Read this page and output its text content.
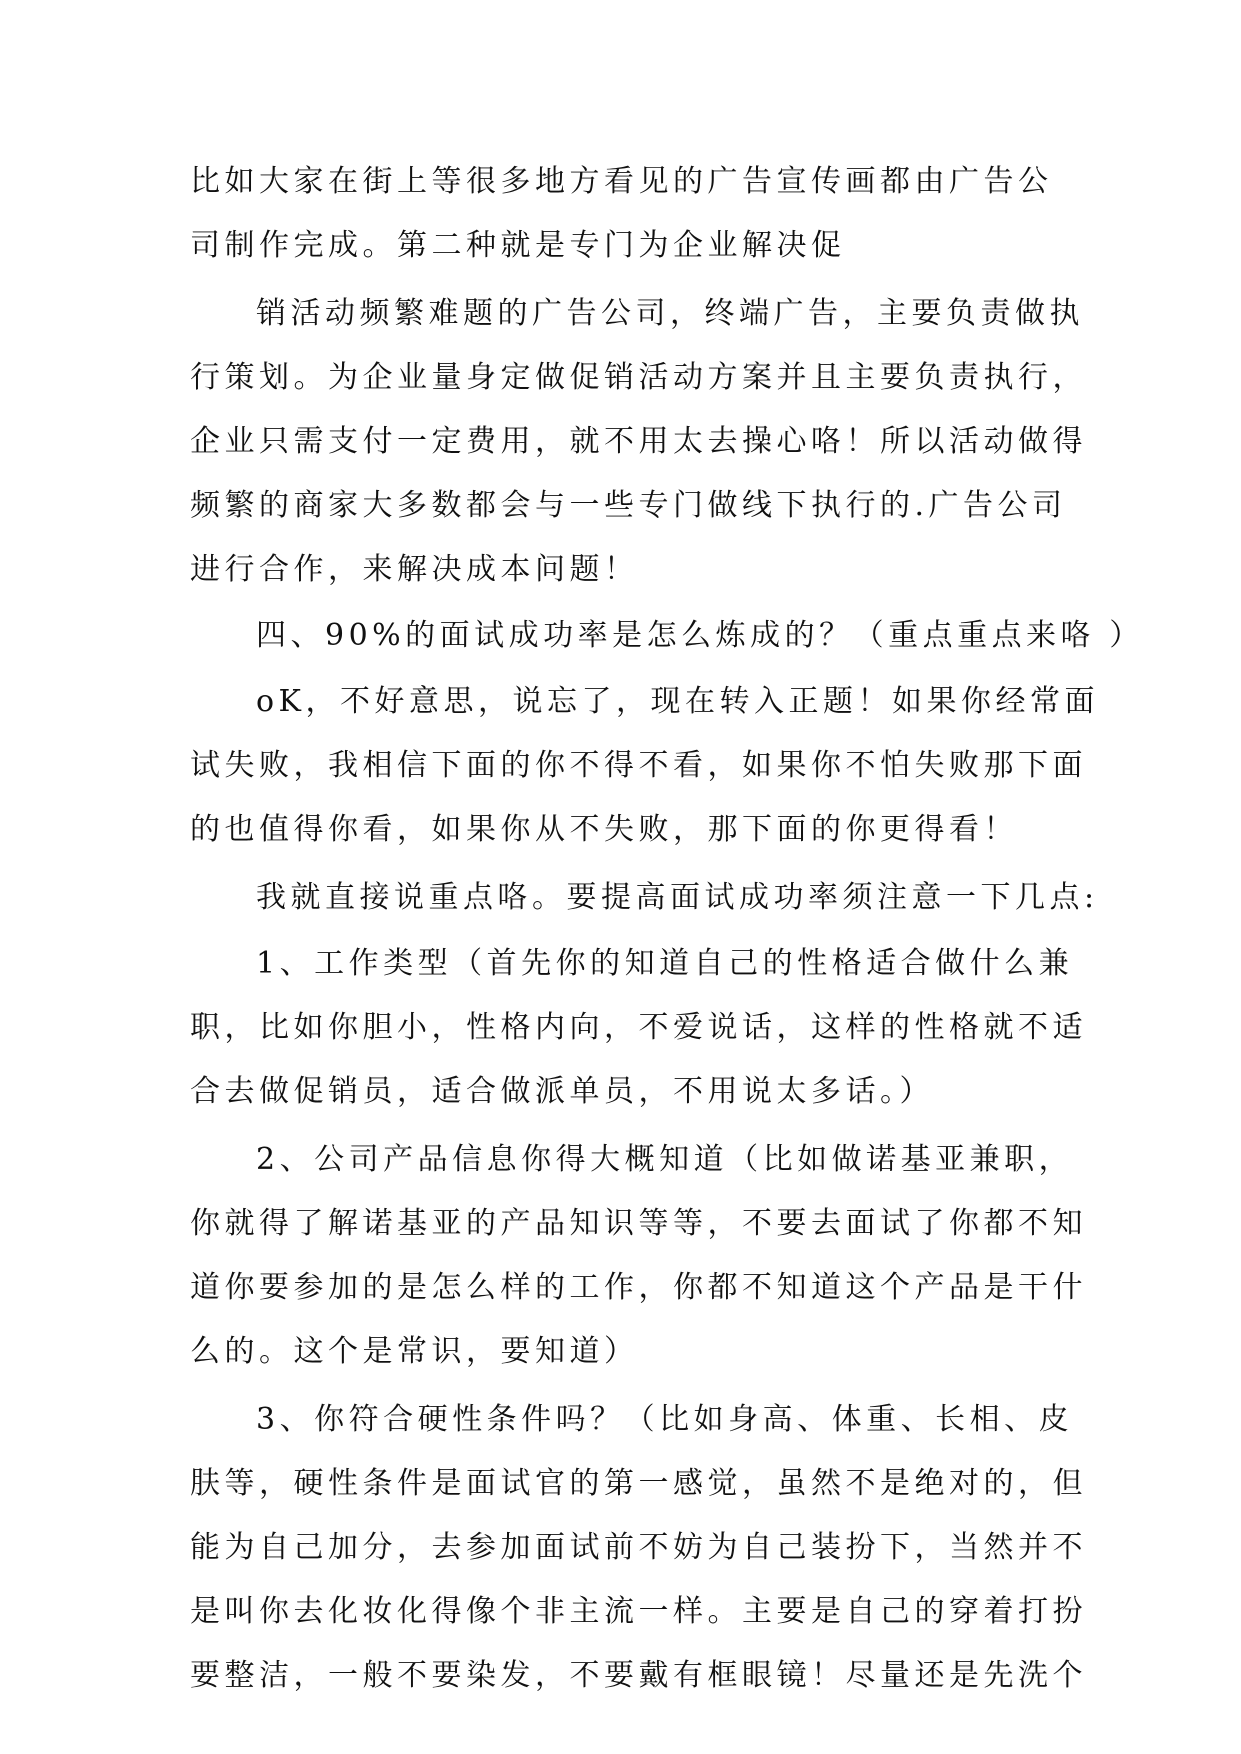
比如大家在街上等很多地方看见的广告宣传画都由广告公
司制作完成。第二种就是专门为企业解决促
销活动频繁难题的广告公司，终端广告，主要负责做执
行策划。为企业量身定做促销活动方案并且主要负责执行，
企业只需支付一定费用，就不用太去操心咯！所以活动做得
频繁的商家大多数都会与一些专门做线下执行的.广告公司
进行合作，来解决成本问题！
四、90%的面试成功率是怎么炼成的？（重点重点来咯 ）
oK，不好意思，说忘了，现在转入正题！如果你经常面
试失败，我相信下面的你不得不看，如果你不怕失败那下面
的也值得你看，如果你从不失败，那下面的你更得看！
我就直接说重点咯。要提高面试成功率须注意一下几点:
1、工作类型（首先你的知道自己的性格适合做什么兼
职，比如你胆小，性格内向，不爱说话，这样的性格就不适
合去做促销员，适合做派单员，不用说太多话。）
2、公司产品信息你得大概知道（比如做诺基亚兼职，
你就得了解诺基亚的产品知识等等，不要去面试了你都不知
道你要参加的是怎么样的工作，你都不知道这个产品是干什
么的。这个是常识，要知道）
3、你符合硬性条件吗？（比如身高、体重、长相、皮
肤等，硬性条件是面试官的第一感觉，虽然不是绝对的，但
能为自己加分，去参加面试前不妨为自己装扮下，当然并不
是叫你去化妆化得像个非主流一样。主要是自己的穿着打扮
要整洁，一般不要染发，不要戴有框眼镜！尽量还是先洗个
